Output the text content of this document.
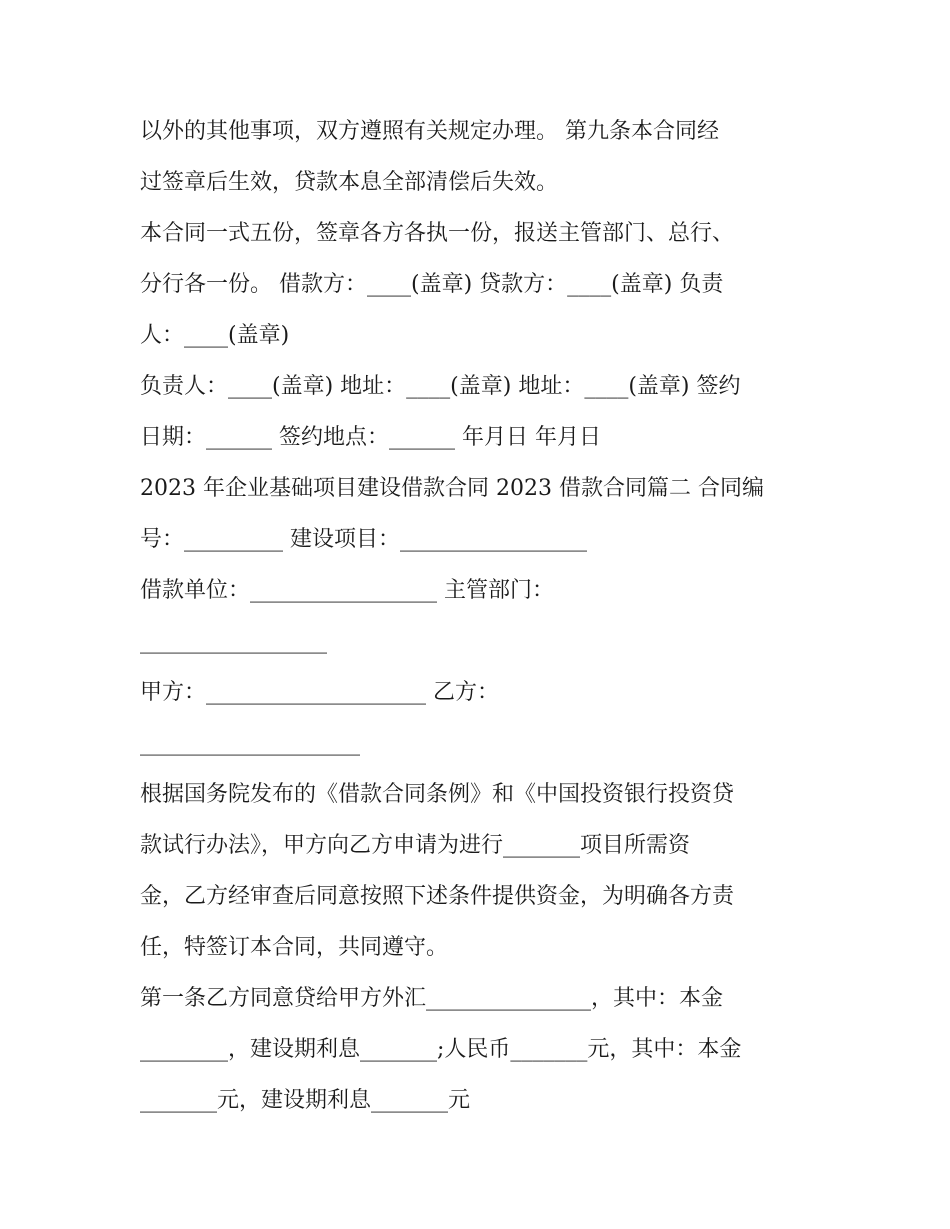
以外的其他事项，双方遵照有关规定办理。 第九条本合同经
过签章后生效，贷款本息全部清偿后失效。
本合同一式五份，签章各方各执一份，报送主管部门、总行、
分行各一份。 借款方：____(盖章) 贷款方：____(盖章) 负责
人：____(盖章)
负责人：____(盖章) 地址：____(盖章) 地址：____(盖章) 签约
日期：______ 签约地点：______ 年月日 年月日
2023 年企业基础项目建设借款合同 2023 借款合同篇二 合同编
号：_________ 建设项目：_________________
借款单位：_________________ 主管部门：
_________________
甲方：____________________ 乙方：
____________________
根据国务院发布的《借款合同条例》和《中国投资银行投资贷
款试行办法》，甲方向乙方申请为进行_______项目所需资
金，乙方经审查后同意按照下述条件提供资金，为明确各方责
任，特签订本合同，共同遵守。
第一条乙方同意贷给甲方外汇_______________，其中：本金
________，建设期利息_______;人民币_______元，其中：本金
_______元，建设期利息_______元
